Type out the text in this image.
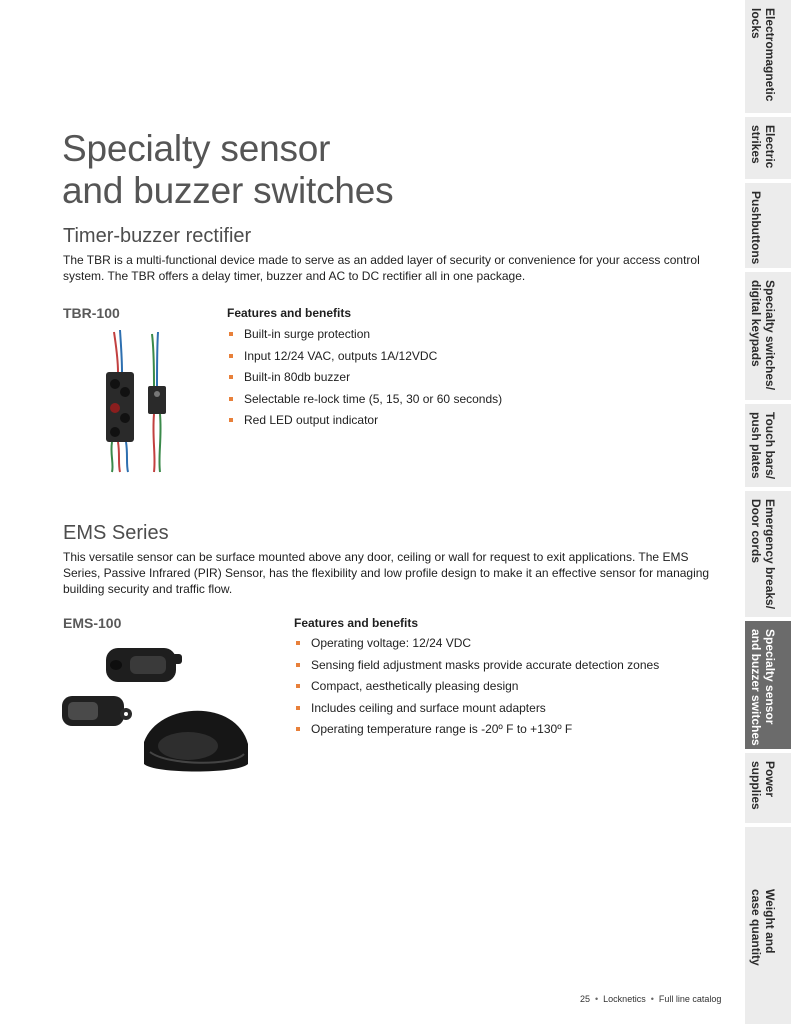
Specialty sensor
and buzzer switches
Timer-buzzer rectifier

The TBR is a multi-functional device made to serve as an added layer of security or convenience for your access control system. The TBR offers a delay timer, buzzer and AC to DC rectifier all in one package.

TBR-100	Features and benefits
Built-in surge protection
Input 12/24 VAC, outputs 1A/12VDC
Built-in 80db buzzer
Selectable re-lock time (5, 15, 30 or 60 seconds)
Red LED output indicator
EMS Series

This versatile sensor can be surface mounted above any door, ceiling or wall for request to exit applications. The EMS Series, Passive Infrared (PIR) Sensor, has the flexibility and low profile design to make it an effective sensor for managing building security and traffic flow.

EMS-100	Features and benefits
Operating voltage: 12/24 VDC
Sensing field adjustment masks provide accurate detection zones
Compact, aesthetically pleasing design
Includes ceiling and surface mount adapters
Operating temperature range is -20º F to +130º F
Electromagnetic
locks
Electric
strikes
Pushbuttons
Specialty switches/
digital keypads
Touch bars/
push plates
Emergency breaks/
Door cords
Specialty sensor
and buzzer switches
Power
supplies
Weight and
case quantity
25 • Locknetics • Full line catalog
